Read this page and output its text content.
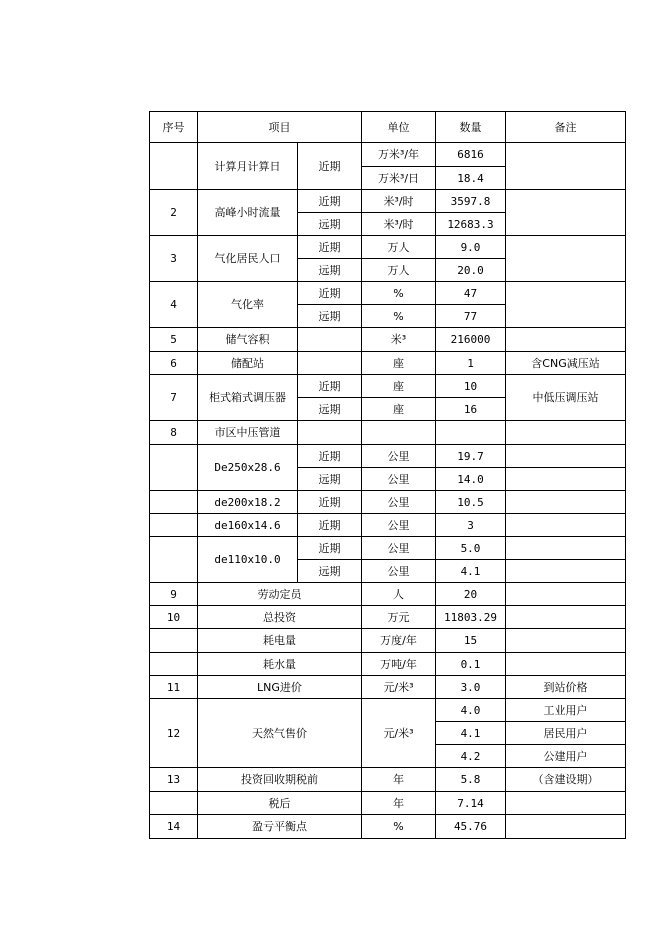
序号	项目		单位	数量	备注
	计算月计算日	近期	万米³/年	6816	
			万米³/日	18.4	
2	高峰小时流量	近期	米³/时	3597.8	
		远期	米³/时	12683.3	
3	气化居民人口	近期	万人	9.0	
		远期	万人	20.0	
4	气化率	近期	%	47	
		远期	%	77	
5	储气容积		米³	216000	
6	储配站		座	1	含CNG减压站
7	柜式箱式调压器	近期	座	10	中低压调压站
		远期	座	16	
8	市区中压管道				
	De250x28.6	近期	公里	19.7	
		远期	公里	14.0	
	de200x18.2	近期	公里	10.5	
	de160x14.6	近期	公里	3	
	de110x10.0	近期	公里	5.0	
		远期	公里	4.1	
9	劳动定员		人	20	
10	总投资		万元	11803.29	
	耗电量		万度/年	15	
	耗水量		万吨/年	0.1	
11	LNG进价		元/米³	3.0	到站价格
12	天然气售价		元/米³	4.0	工业用户
				4.1	居民用户
				4.2	公建用户
13	投资回收期税前		年	5.8	（含建设期）
	税后		年	7.14	
14	盈亏平衡点		%	45.76	
